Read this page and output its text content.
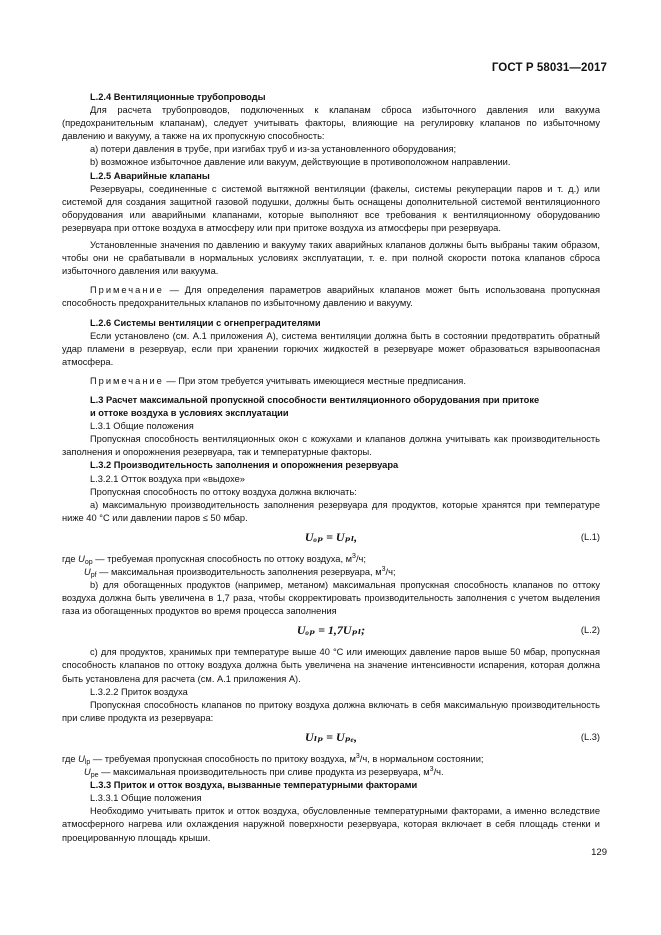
ГОСТ Р 58031—2017

L.2.4 Вентиляционные трубопроводы

Для расчета трубопроводов, подключенных к клапанам сброса избыточного давления или вакуума (предохранительным клапанам), следует учитывать факторы, влияющие на регулировку клапанов по избыточному давлению и вакууму, а также на их пропускную способность:

a) потери давления в трубе, при изгибах труб и из-за установленного оборудования;

b) возможное избыточное давление или вакуум, действующие в противоположном направлении.

L.2.5 Аварийные клапаны

Резервуары, соединенные с системой вытяжной вентиляции (факелы, системы рекуперации паров и т. д.) или системой для создания защитной газовой подушки, должны быть оснащены дополнительной системой вентиляционного оборудования или аварийными клапанами, которые выполняют все требования к вентиляционному оборудованию резервуара при оттоке воздуха в атмосферу или при притоке воздуха из атмосферы при резервуара.

Установленные значения по давлению и вакууму таких аварийных клапанов должны быть выбраны таким образом, чтобы они не срабатывали в нормальных условиях эксплуатации, т. е. при полной скорости потока клапанов сброса избыточного давления или вакуума.

Примечание — Для определения параметров аварийных клапанов может быть использована пропускная способность предохранительных клапанов по избыточному давлению и вакууму.

L.2.6 Системы вентиляции с огнепреградителями

Если установлено (см. А.1 приложения А), система вентиляции должна быть в состоянии предотвратить обратный удар пламени в резервуар, если при хранении горючих жидкостей в резервуаре может образоваться взрывоопасная атмосфера.

Примечание — При этом требуется учитывать имеющиеся местные предписания.

L.3 Расчет максимальной пропускной способности вентиляционного оборудования при притоке
и оттоке воздуха в условиях эксплуатации

L.3.1 Общие положения

Пропускная способность вентиляционных окон с кожухами и клапанов должна учитывать как производительность заполнения и опорожнения резервуара, так и температурные факторы.

L.3.2 Производительность заполнения и опорожнения резервуара

L.3.2.1 Отток воздуха при «выдохе»

Пропускная способность по оттоку воздуха должна включать:

a) максимальную производительность заполнения резервуара для продуктов, которые хранятся при температуре ниже 40 °С или давлении паров ≤ 50 мбар.

Uₒₚ = Uₚₗ,	(L.1)

где $U_{op}$ — требуемая пропускная способность по оттоку воздуха, $м^3/ч$;

$U_{pf}$ — максимальная производительность заполнения резервуара, $м^3/ч$;

b) для обогащенных продуктов (например, метаном) максимальная пропускная способность клапанов по оттоку воздуха должна быть увеличена в 1,7 раза, чтобы скорректировать производительность заполнения с учетом выделения газа из обогащенных продуктов во время процесса заполнения

Uₒₚ = 1,7Uₚₗ;	(L.2)

c) для продуктов, хранимых при температуре выше 40 °С или имеющих давление паров выше 50 мбар, пропускная способность клапанов по оттоку воздуха должна быть увеличена на значение интенсивности испарения, которая должна быть установлена для расчета (см. А.1 приложения А).

L.3.2.2 Приток воздуха

Пропускная способность клапанов по притоку воздуха должна включать в себя максимальную производительность при сливе продукта из резервуара:

Uₗₚ = Uₚₑ,	(L.3)

где $U_{lp}$ — требуемая пропускная способность по притоку воздуха, $м^3/ч$, в нормальном состоянии;

$U_{pe}$ — максимальная производительность при сливе продукта из резервуара, $м^3/ч$.

L.3.3 Приток и отток воздуха, вызванные температурными факторами

L.3.3.1 Общие положения

Необходимо учитывать приток и отток воздуха, обусловленные температурными факторами, а именно вследствие атмосферного нагрева или охлаждения наружной поверхности резервуара, которая включает в себя площадь стенки и проецированную площадь крыши.

129
